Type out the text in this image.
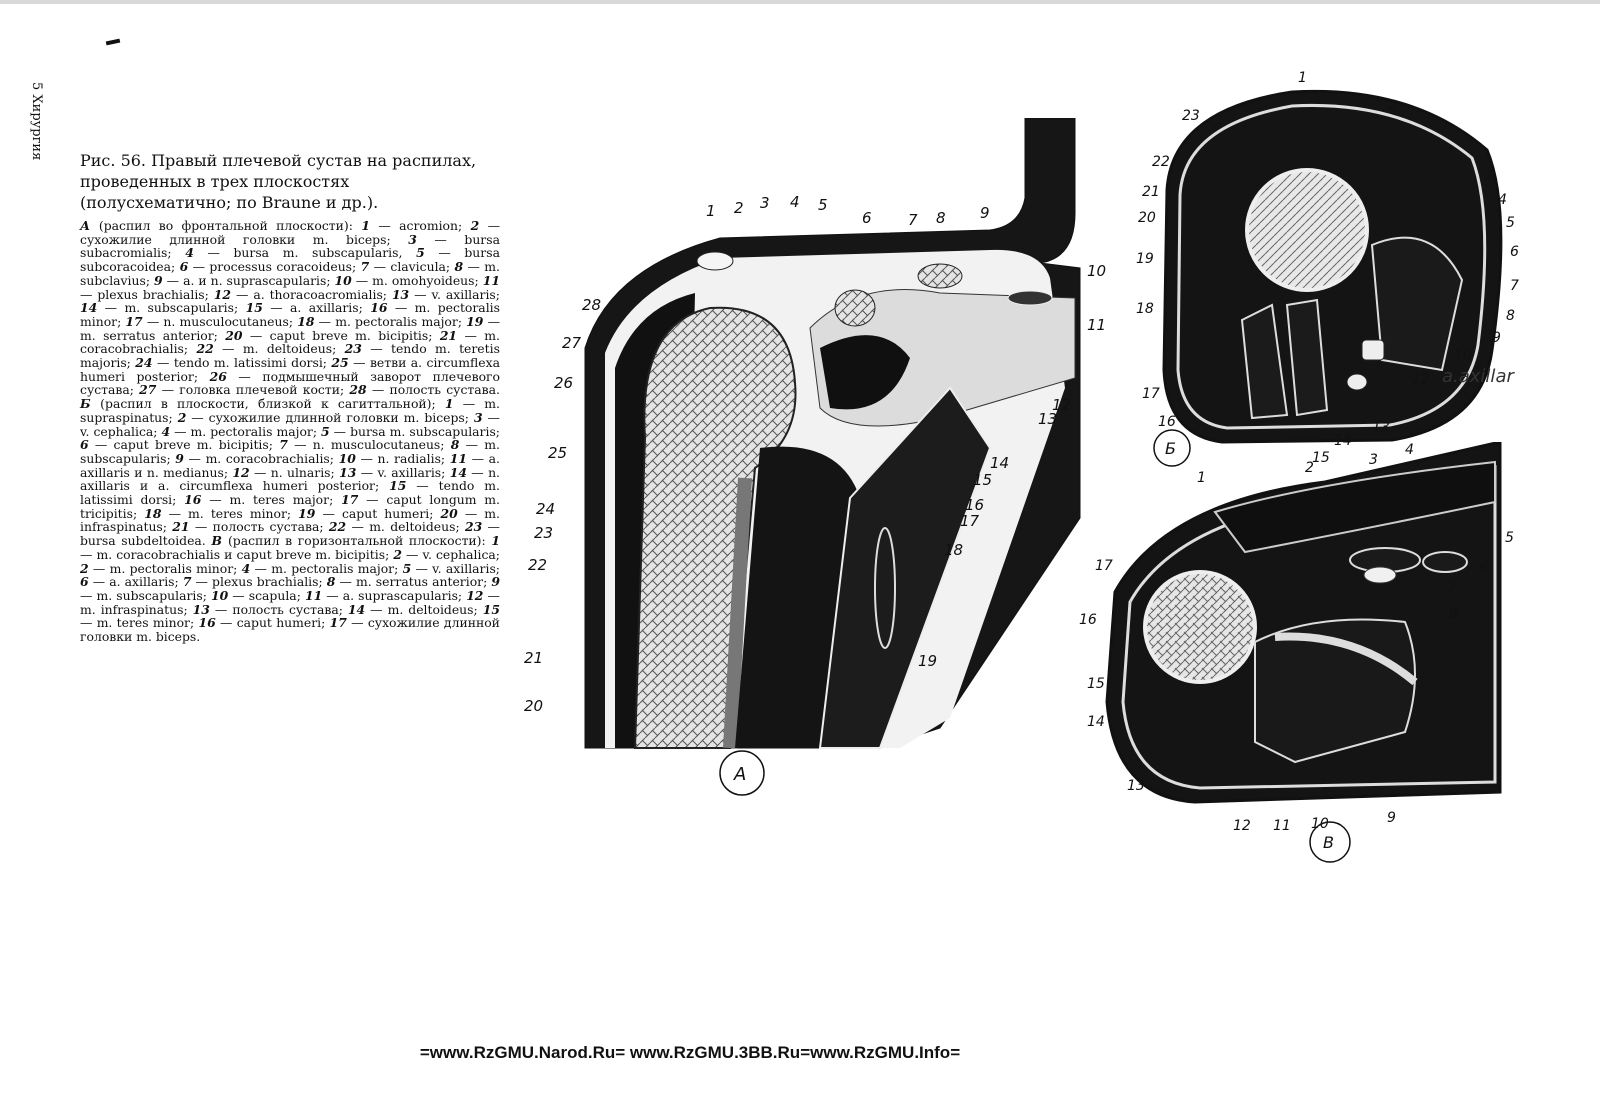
5 Хирургия
Рис. 56. Правый плечевой сустав на распилах, проведенных в трех плоскостях (полусхематично; по Braune и др.).

А (распил во фронтальной плоскости): 1 — acromion; 2 — сухожилие длинной головки m. biceps; 3 — bursa subacromialis; 4 — bursa m. subscapularis, 5 — bursa subcoracoidea; 6 — processus coracoideus; 7 — clavicula; 8 — m. subclavius; 9 — a. и n. suprascapularis; 10 — m. omohyoideus; 11 — plexus brachialis; 12 — a. thoracoacromialis; 13 — v. axillaris; 14 — m. subscapularis; 15 — a. axillaris; 16 — m. pectoralis minor; 17 — n. musculocutaneus; 18 — m. pectoralis major; 19 — m. serratus anterior; 20 — caput breve m. bicipitis; 21 — m. coracobrachialis; 22 — m. deltoideus; 23 — tendo m. teretis majoris; 24 — tendo m. latissimi dorsi; 25 — ветви a. circumflexa humeri posterior; 26 — подмышечный заворот плечевого сустава; 27 — головка плечевой кости; 28 — полость сустава. Б (распил в плоскости, близкой к сагиттальной); 1 — m. supraspinatus; 2 — сухожилие длинной головки m. biceps; 3 — v. cephalica; 4 — m. pectoralis major; 5 — bursa m. subscapularis; 6 — caput breve m. bicipitis; 7 — n. musculocutaneus; 8 — m. subscapularis; 9 — m. coracobrachialis; 10 — n. radialis; 11 — a. axillaris и n. medianus; 12 — n. ulnaris; 13 — v. axillaris; 14 — n. axillaris и a. circumflexa humeri posterior; 15 — tendo m. latissimi dorsi; 16 — m. teres major; 17 — caput longum m. tricipitis; 18 — m. teres minor; 19 — caput humeri; 20 — m. infraspinatus; 21 — полость сустава; 22 — m. deltoideus; 23 — bursa subdeltoidea. В (распил в горизонтальной плоскости): 1 — m. coracobrachialis и caput breve m. bicipitis; 2 — v. cephalica; 2 — m. pectoralis minor; 4 — m. pectoralis major; 5 — v. axillaris; 6 — a. axillaris; 7 — plexus brachialis; 8 — m. serratus anterior; 9 — m. subscapularis; 10 — scapula; 11 — a. suprascapularis; 12 — m. infraspinatus; 13 — полость сустава; 14 — m. deltoideus; 15 — m. teres minor; 16 — caput humeri; 17 — сухожилие длинной головки m. biceps.

1 2 3 4 5
6 7 8 9
10
11
12
13
14
15
16
17
18
19
28
27
26
25
24
23
22
21
20
А
23
22
21
20
19
18
17
16
1
2
3
4
5
6
7
8
9
10
12
13
14
15
a.axillar
Б
1
2	3
4
5
6
7
8
9
10
11
12
13
14
15
16
17
В
=www.RzGMU.Narod.Ru= www.RzGMU.3BB.Ru=www.RzGMU.Info=
